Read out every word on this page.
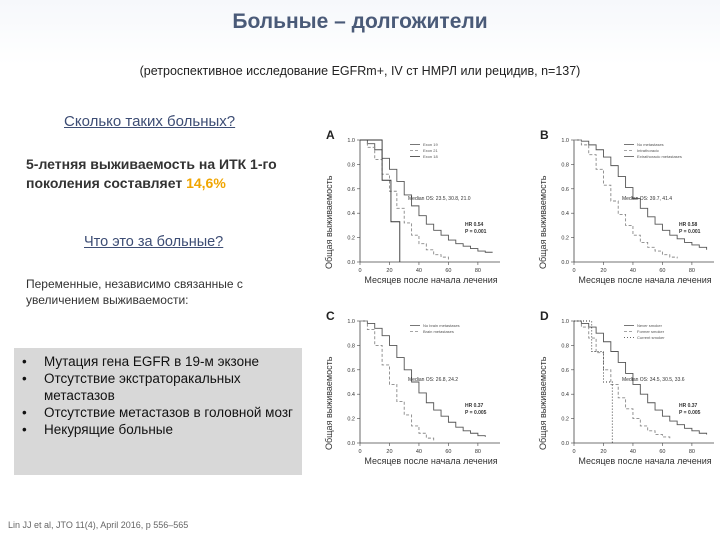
Больные – долгожители
(ретроспективное исследование EGFRm+, IV ст НМРЛ или рецидив, n=137)
Сколько таких больных?
5-летняя выживаемость на ИТК 1-го поколения составляет 14,6%
Что это за больные?
Переменные, независимо связанные с увеличением выживаемости:
• Мутация гена EGFR в 19-м экзоне
• Отсутствие экстраторакальных метастазов
• Отсутствие метастазов в головной мозг
• Некурящие больные
Lin JJ et al, JTO 11(4), April 2016, p 556–565
A
Общая выживаемость
Месяцев после начала лечения
0.0
0.2
0.4
0.6
0.8
1.0
0	20	40	60	80
Exon 19
Exon 21
Exon 18
Median OS: 23.5, 30.8, 21.0
HR 0.54
P = 0.001
B
Общая выживаемость
Месяцев после начала лечения
0.0
0.2
0.4
0.6
0.8
1.0
0	20	40	60	80
No metastases
Intrathoracic
Extrathoracic metastases
Median OS: 39.7, 41.4
HR 0.58
P = 0.001
C
Общая выживаемость
Месяцев после начала лечения
0.0
0.2
0.4
0.6
0.8
1.0
0	20	40	60	80
No brain metastases
Brain metastases
Median OS: 26.8, 24.2
HR 0.37
P = 0.005
D
Общая выживаемость
Месяцев после начала лечения
0.0
0.2
0.4
0.6
0.8
1.0
0	20	40	60	80
Never smoker
Former smoker
Current smoker
Median OS: 34.5, 30.5, 33.6
HR 0.37
P = 0.005
